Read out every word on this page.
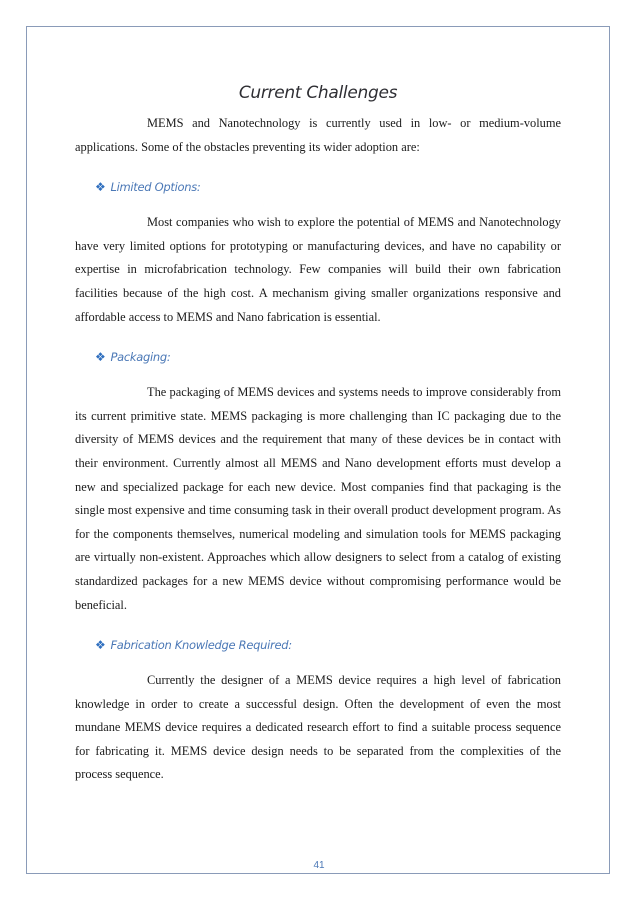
Current Challenges

MEMS and Nanotechnology is currently used in low- or medium-volume applications. Some of the obstacles preventing its wider adoption are:

❖ Limited Options:

Most companies who wish to explore the potential of MEMS and Nanotechnology have very limited options for prototyping or manufacturing devices, and have no capability or expertise in microfabrication technology. Few companies will build their own fabrication facilities because of the high cost. A mechanism giving smaller organizations responsive and affordable access to MEMS and Nano fabrication is essential.

❖ Packaging:

The packaging of MEMS devices and systems needs to improve considerably from its current primitive state. MEMS packaging is more challenging than IC packaging due to the diversity of MEMS devices and the requirement that many of these devices be in contact with their environment. Currently almost all MEMS and Nano development efforts must develop a new and specialized package for each new device. Most companies find that packaging is the single most expensive and time consuming task in their overall product development program. As for the components themselves, numerical modeling and simulation tools for MEMS packaging are virtually non-existent. Approaches which allow designers to select from a catalog of existing standardized packages for a new MEMS device without compromising performance would be beneficial.

❖ Fabrication Knowledge Required:

Currently the designer of a MEMS device requires a high level of fabrication knowledge in order to create a successful design. Often the development of even the most mundane MEMS device requires a dedicated research effort to find a suitable process sequence for fabricating it. MEMS device design needs to be separated from the complexities of the process sequence.

41
